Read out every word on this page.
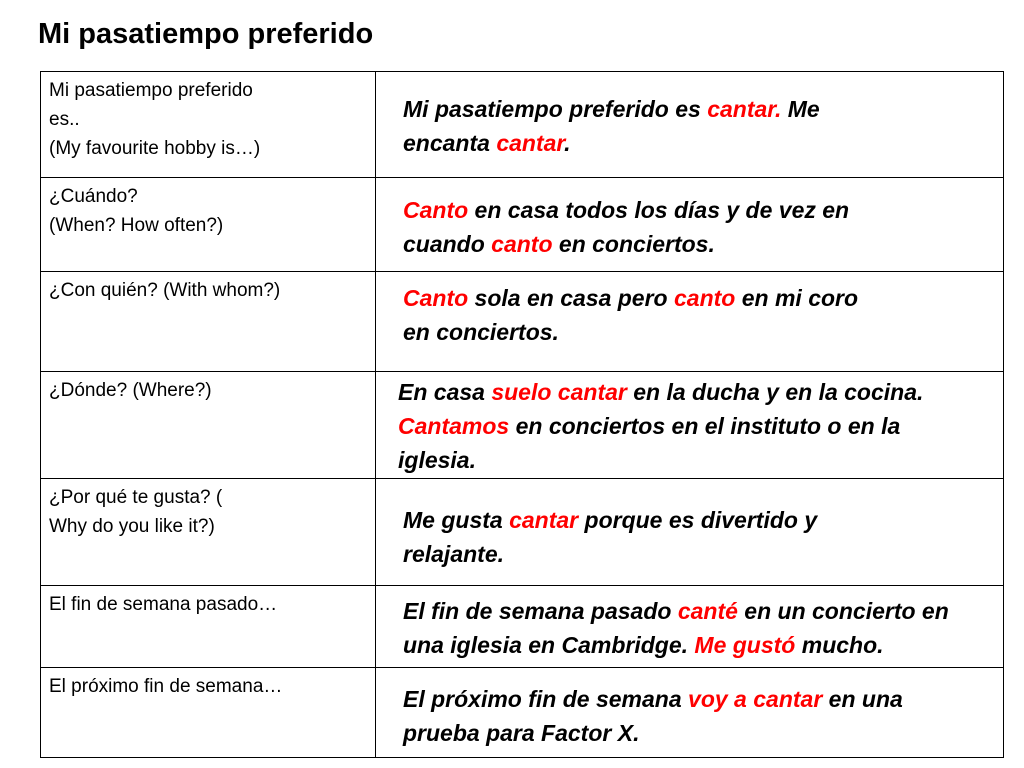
Mi pasatiempo preferido
Mi pasatiempo preferido
es..
(My favourite hobby is…)	Mi pasatiempo preferido es cantar. Me
encanta cantar.

¿Cuándo?
(When? How often?)	Canto en casa todos los días y de vez en
cuando canto en conciertos.

¿Con quién? (With whom?)	Canto sola en casa pero canto en mi coro
en conciertos.

¿Dónde? (Where?)	En casa suelo cantar en la ducha y en la cocina.
Cantamos en conciertos en el instituto o en la
iglesia.

¿Por qué te gusta? (
Why do you like it?)	Me gusta cantar porque es divertido y
relajante.

El fin de semana pasado…	El fin de semana pasado canté en un concierto en
una iglesia en Cambridge. Me gustó mucho.

El próximo fin de semana…	El próximo fin de semana voy a cantar en una
prueba para Factor X.
